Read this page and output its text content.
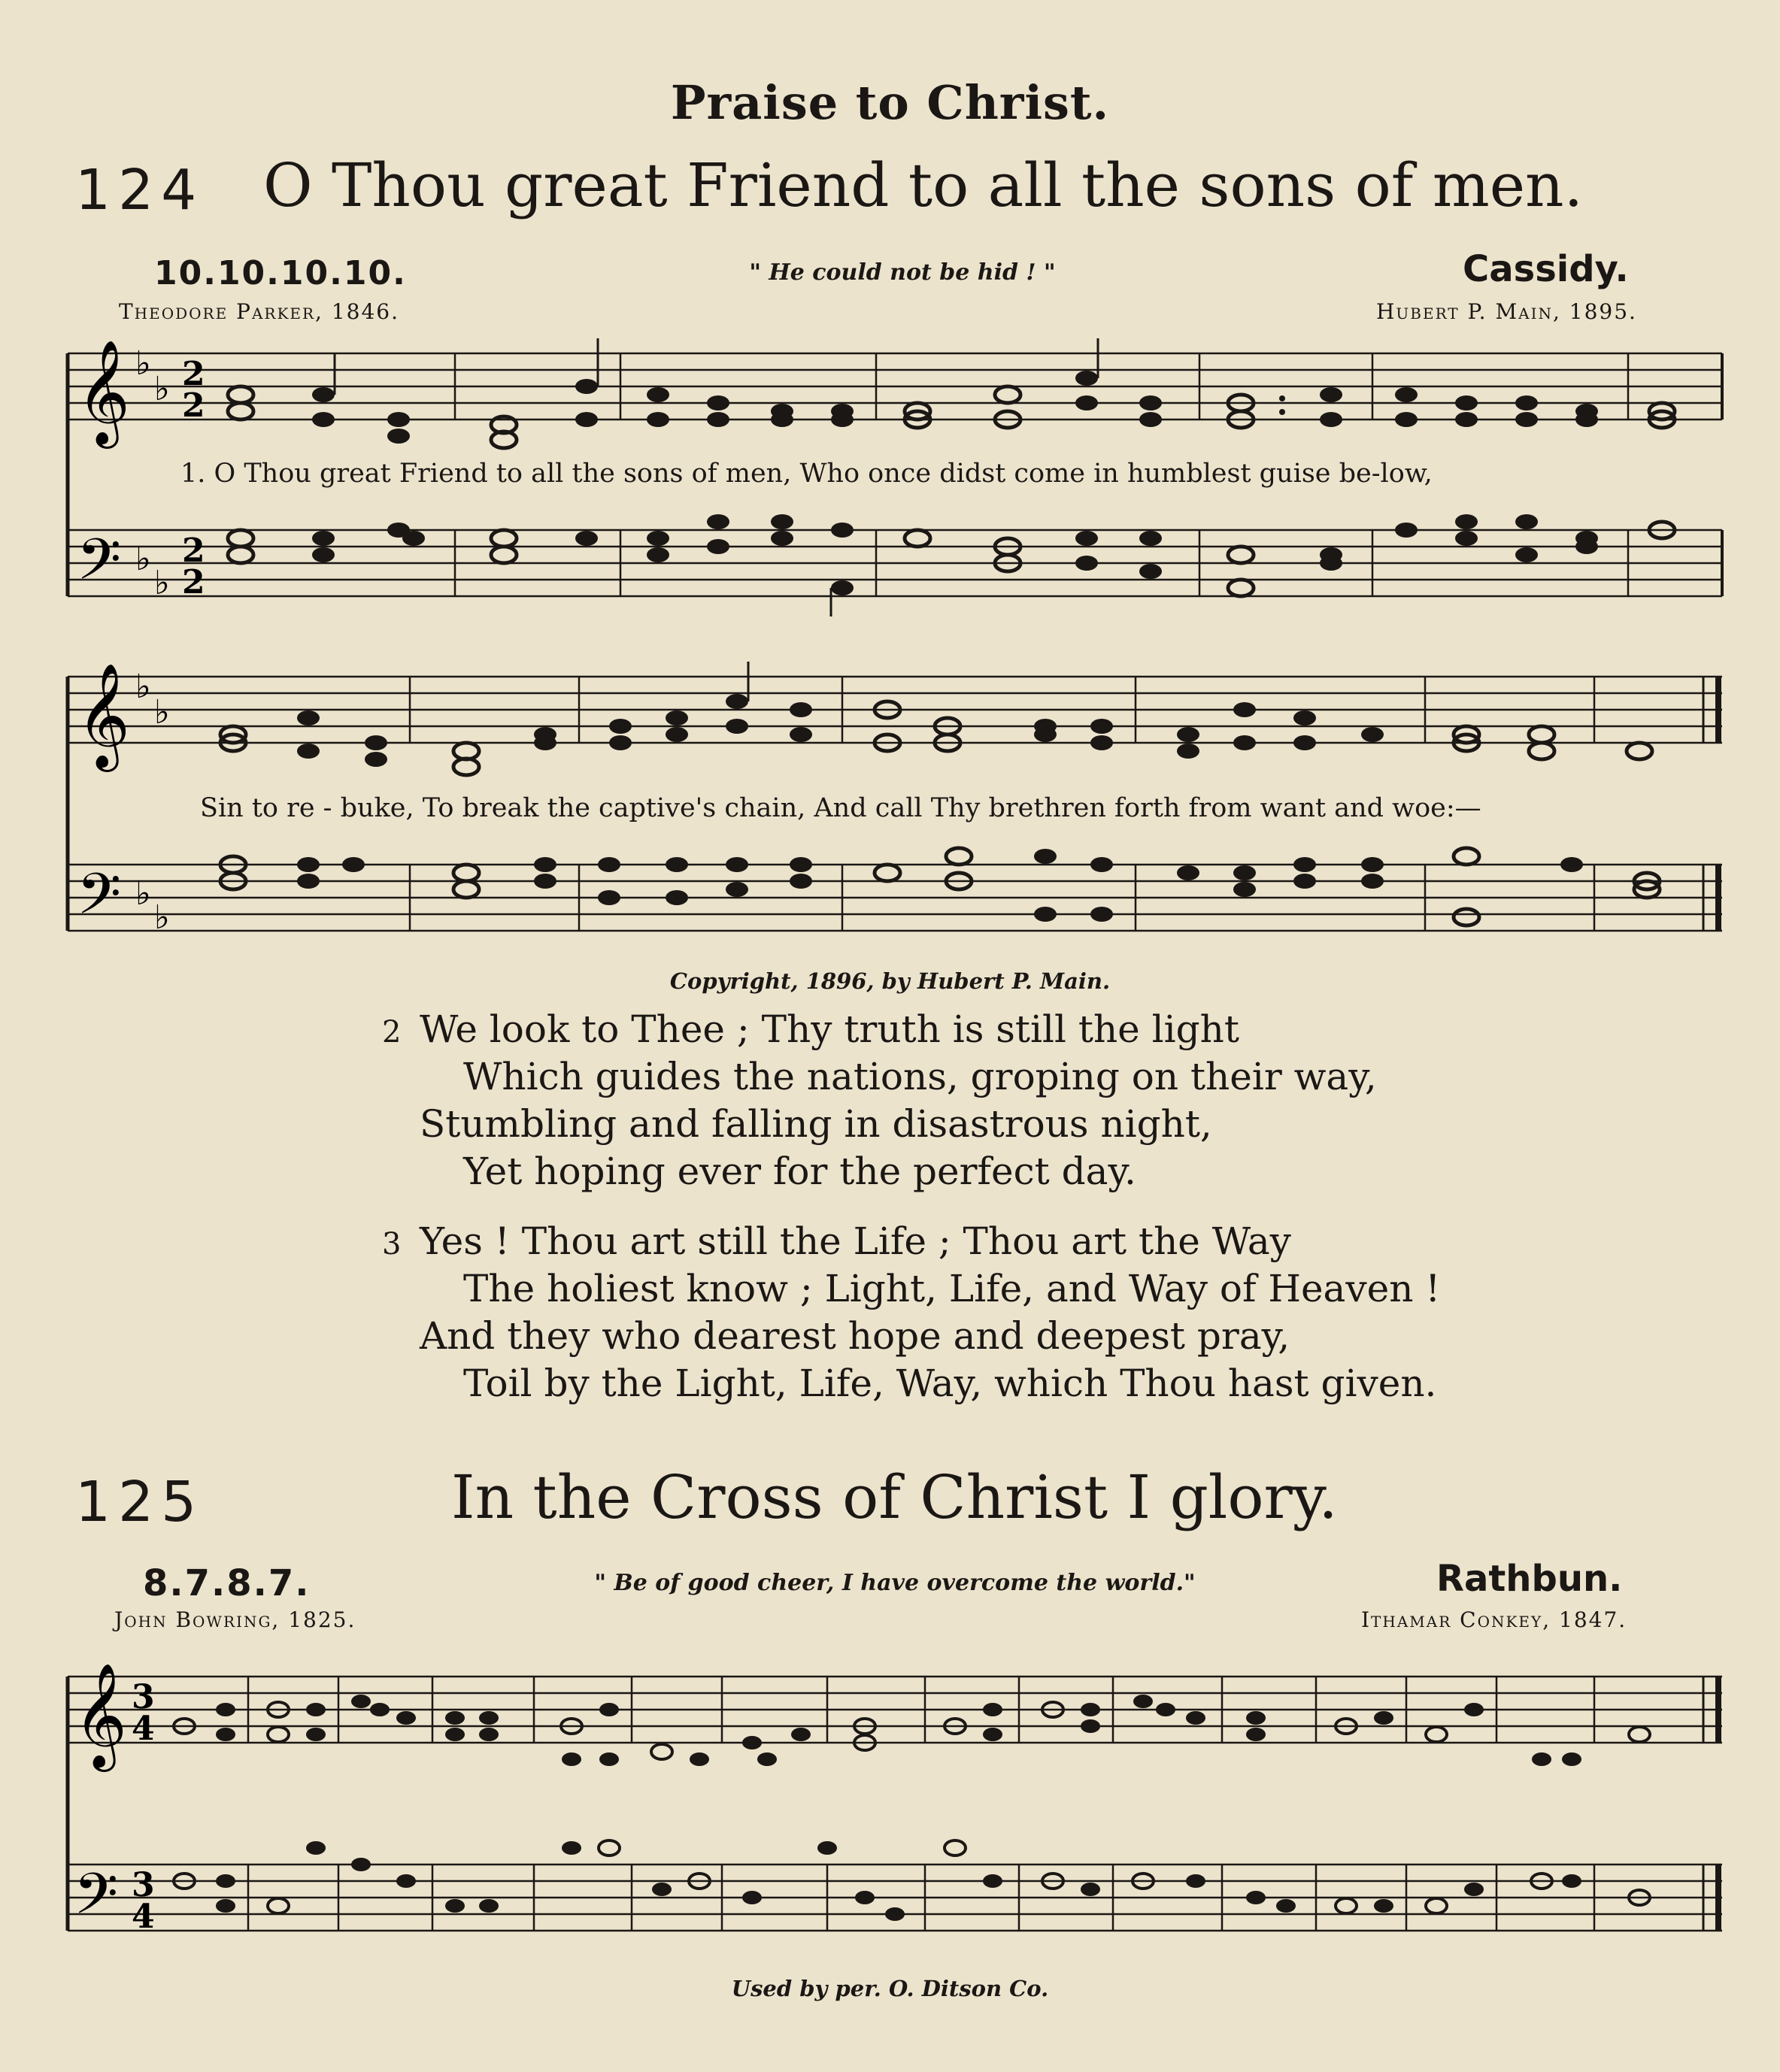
Praise to Christ.
124 O Thou great Friend to all the sons of men.
10.10.10.10.	" He could not be hid ! "	Cassidy.
Theodore Parker, 1846.	Hubert P. Main, 1895.
𝄞
𝄢
♭
♭
♭
♭
2
2
2
2
1. O Thou great Friend to all the sons of men, Who once didst come in humblest guise be-low,
𝄞
𝄢
♭
♭
♭
♭
Sin to re - buke, To break the captive's chain, And call Thy brethren forth from want and woe:—
Copyright, 1896, by Hubert P. Main.
2 We look to Thee ; Thy truth is still the light
Which guides the nations, groping on their way,
Stumbling and falling in disastrous night,
Yet hoping ever for the perfect day.
3 Yes ! Thou art still the Life ; Thou art the Way
The holiest know ; Light, Life, and Way of Heaven !
And they who dearest hope and deepest pray,
Toil by the Light, Life, Way, which Thou hast given.
125	In the Cross of Christ I glory.
8.7.8.7.	" Be of good cheer, I have overcome the world."	Rathbun.
John Bowring, 1825.	Ithamar Conkey, 1847.
𝄞
𝄢
3
4
3
4
Used by per. O. Ditson Co.
